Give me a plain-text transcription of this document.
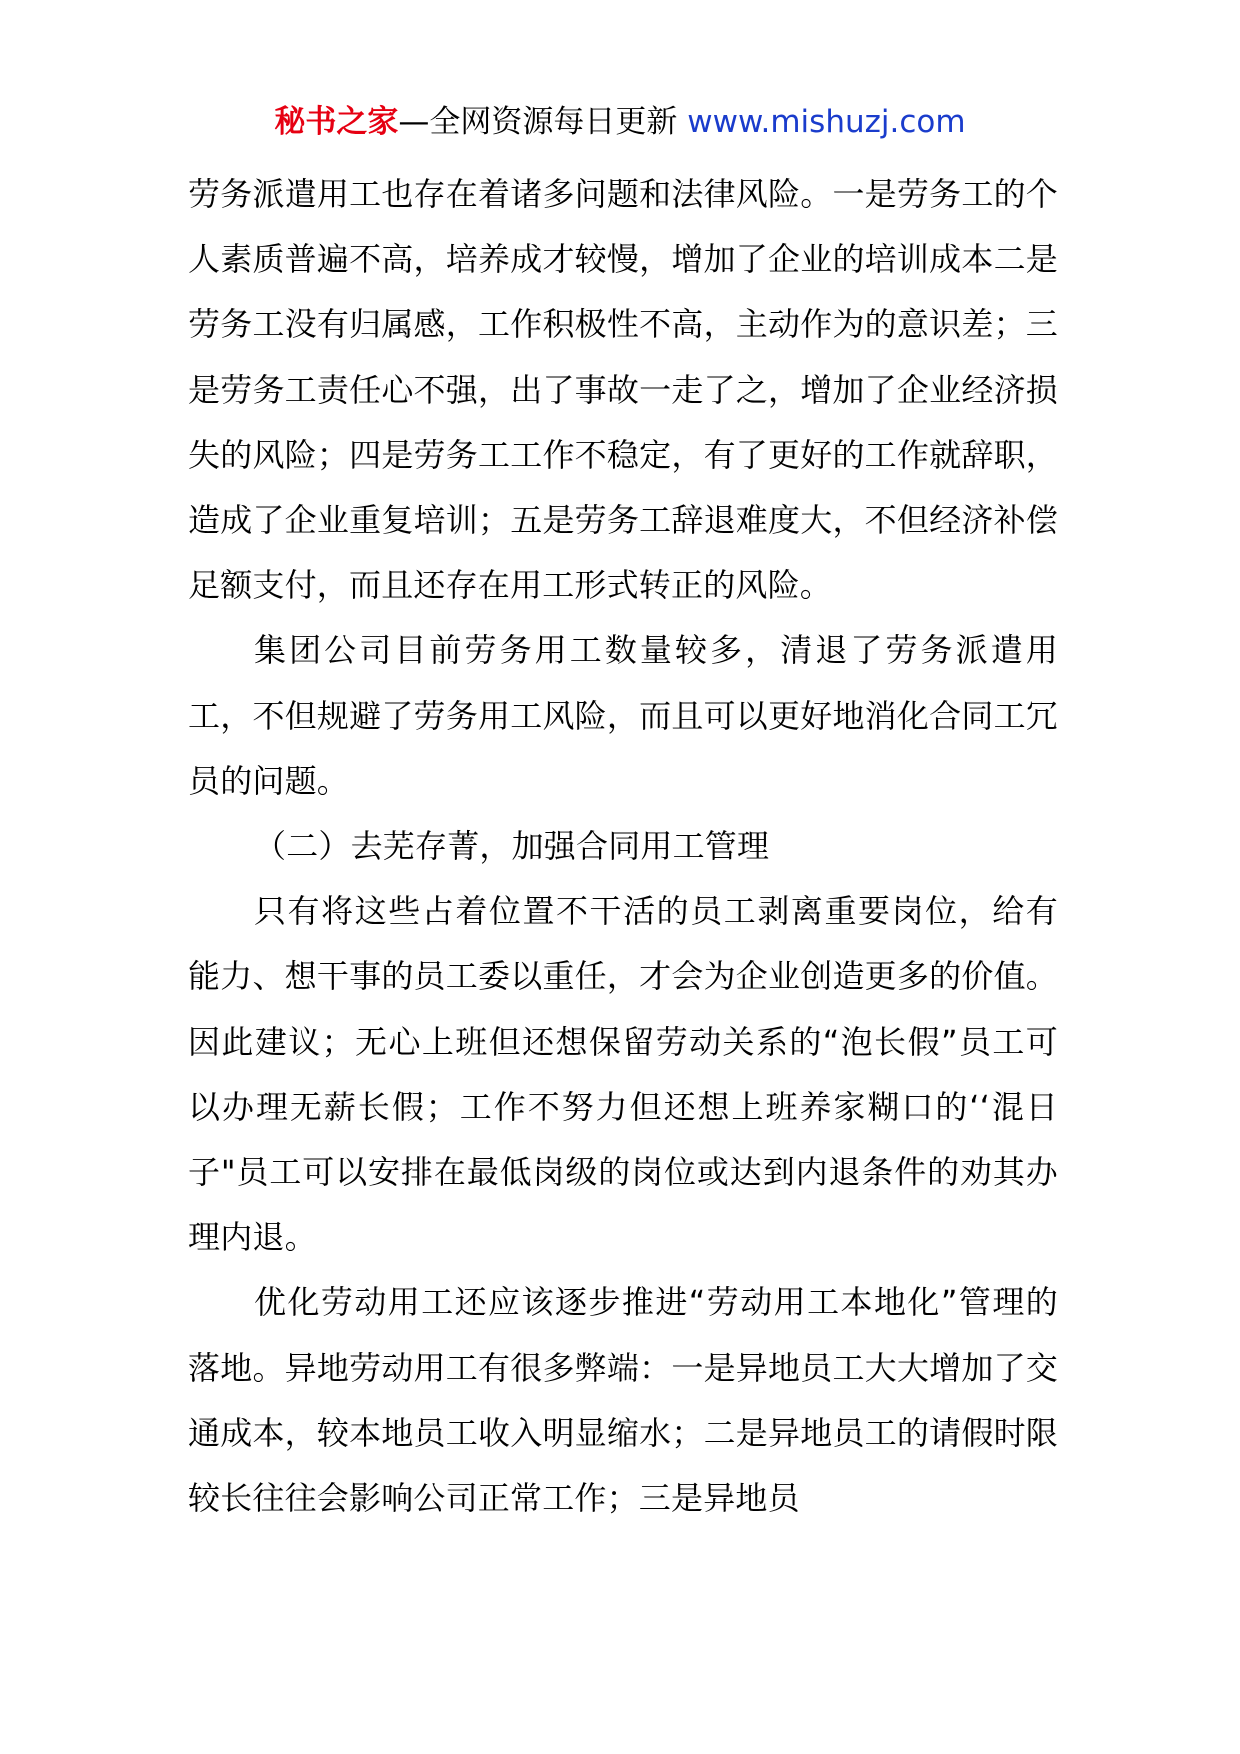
秘书之家—全网资源每日更新 www.mishuzj.com

劳务派遣用工也存在着诸多问题和法律风险。一是劳务工的个人素质普遍不高，培养成才较慢，增加了企业的培训成本二是劳务工没有归属感，工作积极性不高，主动作为的意识差；三是劳务工责任心不强，出了事故一走了之，增加了企业经济损失的风险；四是劳务工工作不稳定，有了更好的工作就辞职，造成了企业重复培训；五是劳务工辞退难度大，不但经济补偿足额支付，而且还存在用工形式转正的风险。

集团公司目前劳务用工数量较多，清退了劳务派遣用工，不但规避了劳务用工风险，而且可以更好地消化合同工冗员的问题。

（二）去芜存菁，加强合同用工管理

只有将这些占着位置不干活的员工剥离重要岗位，给有能力、想干事的员工委以重任，才会为企业创造更多的价值。因此建议；无心上班但还想保留劳动关系的“泡长假”员工可以办理无薪长假；工作不努力但还想上班养家糊口的‘‘混日子"员工可以安排在最低岗级的岗位或达到内退条件的劝其办理内退。

优化劳动用工还应该逐步推进“劳动用工本地化”管理的落地。异地劳动用工有很多弊端：一是异地员工大大增加了交通成本，较本地员工收入明显缩水；二是异地员工的请假时限较长往往会影响公司正常工作；三是异地员
